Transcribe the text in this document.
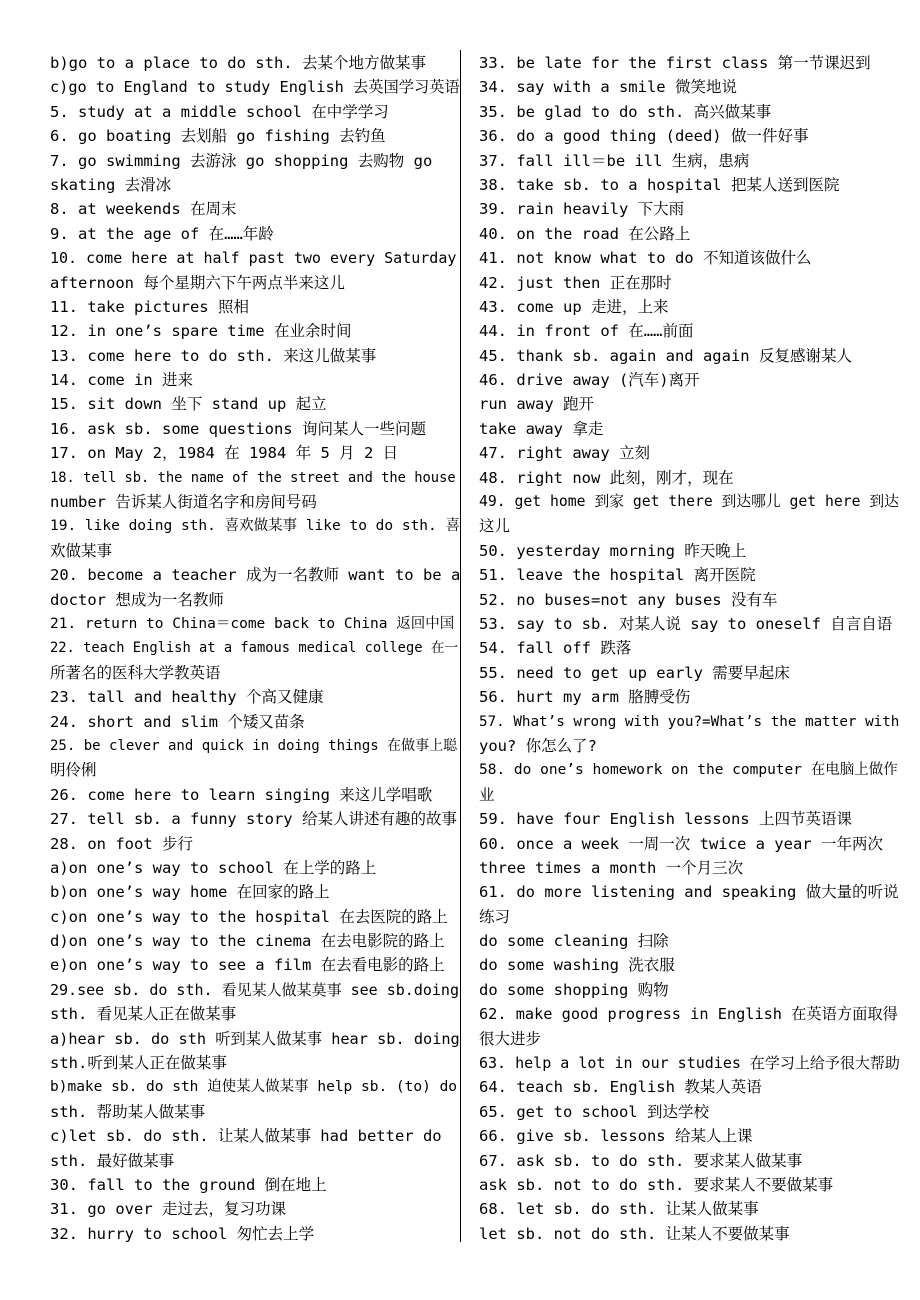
b)go to a place to do sth. 去某个地方做某事
c)go to England to study English 去英国学习英语
5. study at a middle school 在中学学习
6. go boating 去划船 go fishing 去钓鱼
7. go swimming 去游泳 go shopping 去购物 go
skating 去滑冰
8. at weekends 在周末
9. at the age of 在……年龄
10. come here at half past two every Saturday
afternoon 每个星期六下午两点半来这儿
11. take pictures 照相
12. in one’s spare time 在业余时间
13. come here to do sth. 来这儿做某事
14. come in 进来
15. sit down 坐下 stand up 起立
16. ask sb. some questions 询问某人一些问题
17. on May 2，1984 在 1984 年 5 月 2 日
18. tell sb. the name of the street and the house
number 告诉某人街道名字和房间号码
19. like doing sth. 喜欢做某事 like to do sth. 喜
欢做某事
20. become a teacher 成为一名教师 want to be a
doctor 想成为一名教师
21. return to China＝come back to China 返回中国
22. teach English at a famous medical college 在一
所著名的医科大学教英语
23. tall and healthy 个高又健康
24. short and slim 个矮又苗条
25. be clever and quick in doing things 在做事上聪
明伶俐
26. come here to learn singing 来这儿学唱歌
27. tell sb. a funny story 给某人讲述有趣的故事
28. on foot 步行
a)on one’s way to school 在上学的路上
b)on one’s way home 在回家的路上
c)on one’s way to the hospital 在去医院的路上
d)on one’s way to the cinema 在去电影院的路上
e)on one’s way to see a film 在去看电影的路上
29.see sb. do sth. 看见某人做某莫事 see sb.doing
sth. 看见某人正在做某事
a)hear sb. do sth 听到某人做某事 hear sb. doing
sth.听到某人正在做某事
b)make sb. do sth 迫使某人做某事 help sb. (to) do
sth. 帮助某人做某事
c)let sb. do sth. 让某人做某事 had better do
sth. 最好做某事
30. fall to the ground 倒在地上
31. go over 走过去，复习功课
32. hurry to school 匆忙去上学
33. be late for the first class 第一节课迟到
34. say with a smile 微笑地说
35. be glad to do sth. 高兴做某事
36. do a good thing (deed) 做一件好事
37. fall ill＝be ill 生病，患病
38. take sb. to a hospital 把某人送到医院
39. rain heavily 下大雨
40. on the road 在公路上
41. not know what to do 不知道该做什么
42. just then 正在那时
43. come up 走进，上来
44. in front of 在……前面
45. thank sb. again and again 反复感谢某人
46. drive away (汽车)离开
run away 跑开
take away 拿走
47. right away 立刻
48. right now 此刻，刚才，现在
49. get home 到家 get there 到达哪儿 get here 到达
这儿
50. yesterday morning 昨天晚上
51. leave the hospital 离开医院
52. no buses=not any buses 没有车
53. say to sb. 对某人说 say to oneself 自言自语
54. fall off 跌落
55. need to get up early 需要早起床
56. hurt my arm 胳膊受伤
57. What’s wrong with you?=What’s the matter with
you? 你怎么了?
58. do one’s homework on the computer 在电脑上做作
业
59. have four English lessons 上四节英语课
60. once a week 一周一次 twice a year 一年两次
three times a month 一个月三次
61. do more listening and speaking 做大量的听说
练习
do some cleaning 扫除
do some washing 洗衣服
do some shopping 购物
62. make good progress in English 在英语方面取得
很大进步
63. help a lot in our studies 在学习上给予很大帮助
64. teach sb. English 教某人英语
65. get to school 到达学校
66. give sb. lessons 给某人上课
67. ask sb. to do sth. 要求某人做某事
ask sb. not to do sth. 要求某人不要做某事
68. let sb. do sth. 让某人做某事
let sb. not do sth. 让某人不要做某事
